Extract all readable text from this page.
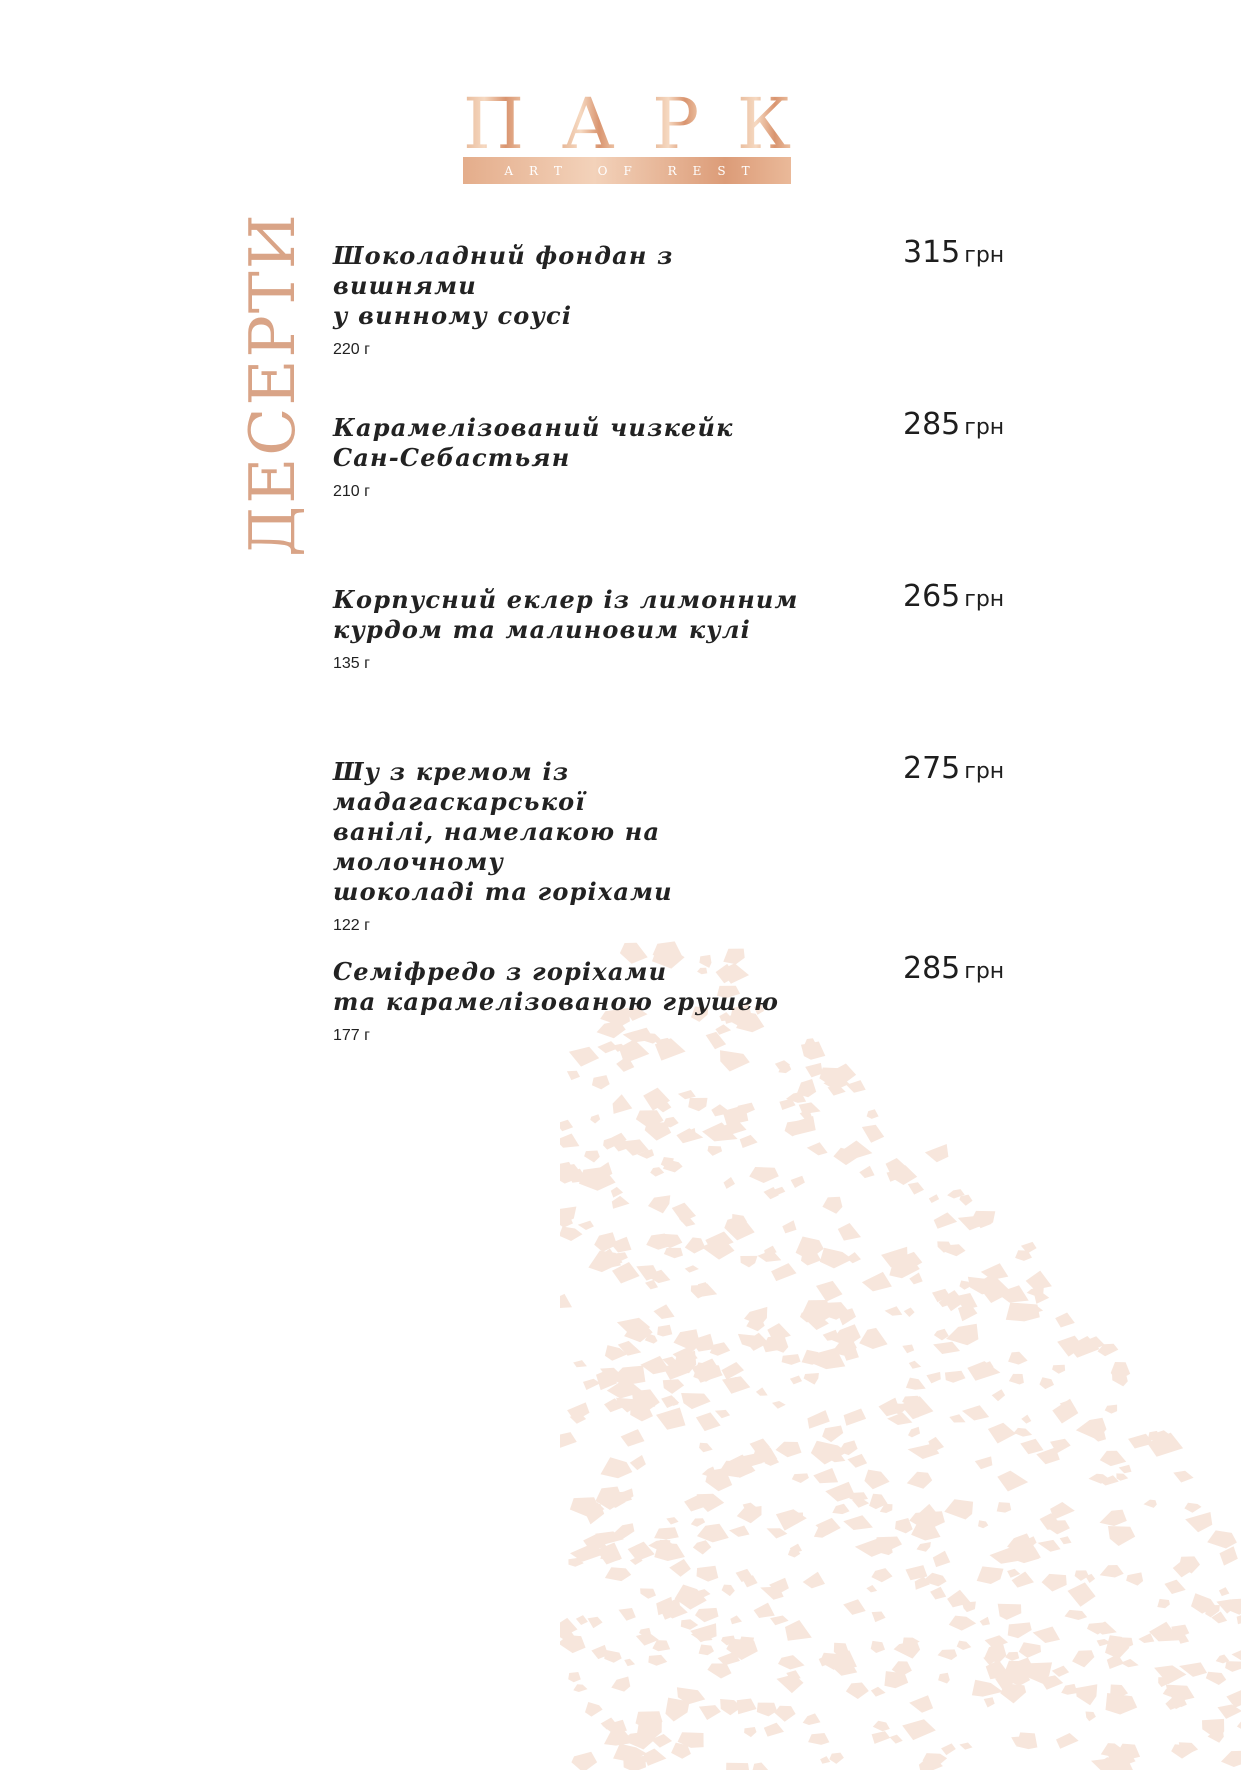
П А Р К
ART OF REST
ДЕСЕРТИ Шоколадний фондан з вишнями
у винному соусі
220 г
315 грн
Карамелізований чизкейк
Сан-Себастьян
210 г
285 грн
Корпусний еклер із лимонним
курдом та малиновим кулі
135 г
265 грн
Шу з кремом із мадагаскарської
ванілі, намелакою на молочному
шоколаді та горіхами
122 г
275 грн
Семіфредо з горіхами
та карамелізованою грушею
177 г
285 грн
